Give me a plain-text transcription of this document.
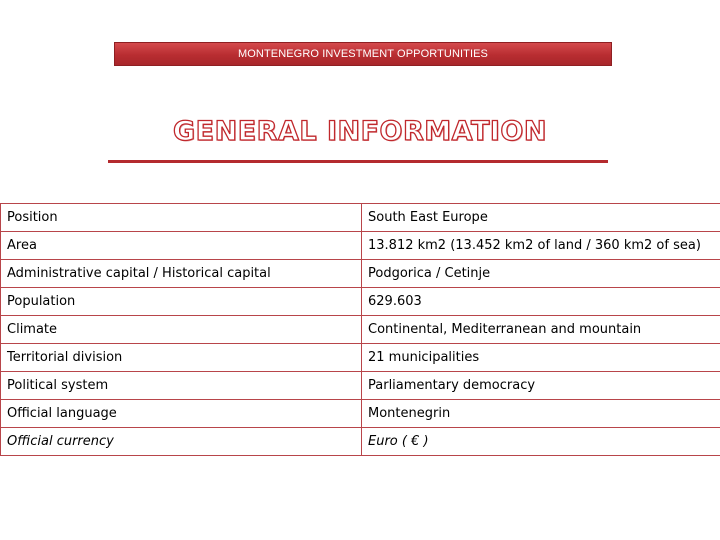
MONTENEGRO INVESTMENT OPPORTUNITIES
GENERAL INFORMATION
Position	South East Europe
Area	13.812 km2 (13.452 km2 of land / 360 km2 of sea)
Administrative capital / Historical capital	Podgorica / Cetinje
Population	629.603
Climate	Continental, Mediterranean and mountain
Territorial division	21 municipalities
Political system	Parliamentary democracy
Official language	Montenegrin
Official currency	Euro ( € )
